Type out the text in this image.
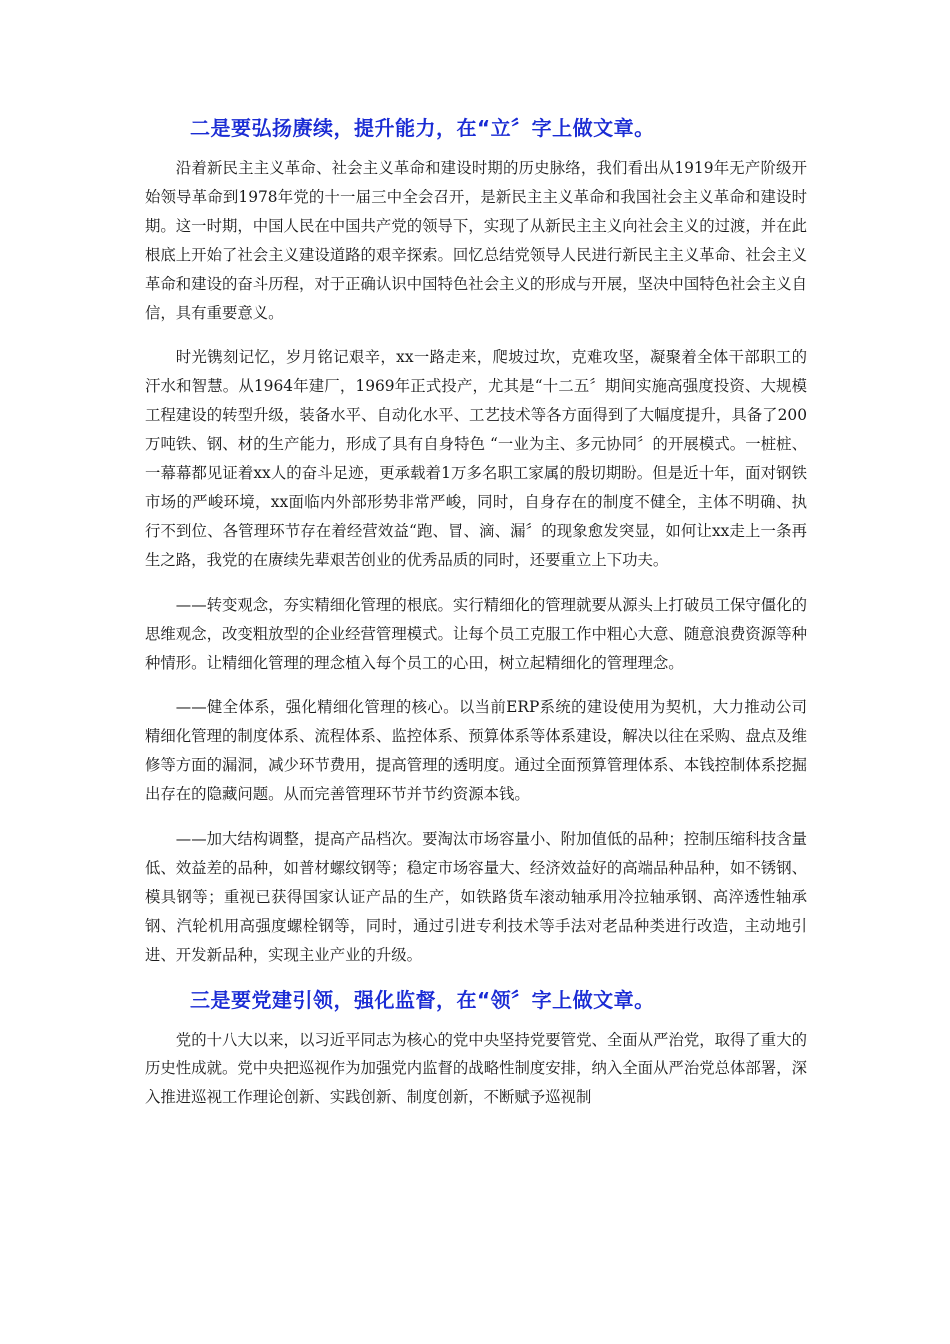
二是要弘扬赓续，提升能力，在“立〞字上做文章。

沿着新民主主义革命、社会主义革命和建设时期的历史脉络，我们看出从1919年无产阶级开始领导革命到1978年党的十一届三中全会召开，是新民主主义革命和我国社会主义革命和建设时期。这一时期，中国人民在中国共产党的领导下，实现了从新民主主义向社会主义的过渡，并在此根底上开始了社会主义建设道路的艰辛探索。回忆总结党领导人民进行新民主主义革命、社会主义革命和建设的奋斗历程，对于正确认识中国特色社会主义的形成与开展，坚决中国特色社会主义自信，具有重要意义。

时光镌刻记忆，岁月铭记艰辛，xx一路走来，爬坡过坎，克难攻坚，凝聚着全体干部职工的汗水和智慧。从1964年建厂，1969年正式投产，尤其是“十二五〞期间实施高强度投资、大规模工程建设的转型升级，装备水平、自动化水平、工艺技术等各方面得到了大幅度提升，具备了200万吨铁、钢、材的生产能力，形成了具有自身特色 “一业为主、多元协同〞的开展模式。一桩桩、一幕幕都见证着xx人的奋斗足迹，更承载着1万多名职工家属的殷切期盼。但是近十年，面对钢铁市场的严峻环境，xx面临内外部形势非常严峻，同时，自身存在的制度不健全，主体不明确、执行不到位、各管理环节存在着经营效益“跑、冒、滴、漏〞的现象愈发突显，如何让xx走上一条再生之路，我党的在赓续先辈艰苦创业的优秀品质的同时，还要重立上下功夫。

——转变观念，夯实精细化管理的根底。实行精细化的管理就要从源头上打破员工保守僵化的思维观念，改变粗放型的企业经营管理模式。让每个员工克服工作中粗心大意、随意浪费资源等种种情形。让精细化管理的理念植入每个员工的心田，树立起精细化的管理理念。

——健全体系，强化精细化管理的核心。以当前ERP系统的建设使用为契机，大力推动公司精细化管理的制度体系、流程体系、监控体系、预算体系等体系建设，解决以往在采购、盘点及维修等方面的漏洞，减少环节费用，提高管理的透明度。通过全面预算管理体系、本钱控制体系挖掘出存在的隐藏问题。从而完善管理环节并节约资源本钱。

——加大结构调整，提高产品档次。要淘汰市场容量小、附加值低的品种；控制压缩科技含量低、效益差的品种，如普材螺纹钢等；稳定市场容量大、经济效益好的高端品种品种，如不锈钢、模具钢等；重视已获得国家认证产品的生产，如铁路货车滚动轴承用冷拉轴承钢、高淬透性轴承钢、汽轮机用高强度螺栓钢等，同时，通过引进专利技术等手法对老品种类进行改造，主动地引进、开发新品种，实现主业产业的升级。

三是要党建引领，强化监督，在“领〞字上做文章。

党的十八大以来，以习近平同志为核心的党中央坚持党要管党、全面从严治党，取得了重大的历史性成就。党中央把巡视作为加强党内监督的战略性制度安排，纳入全面从严治党总体部署，深入推进巡视工作理论创新、实践创新、制度创新，不断赋予巡视制
